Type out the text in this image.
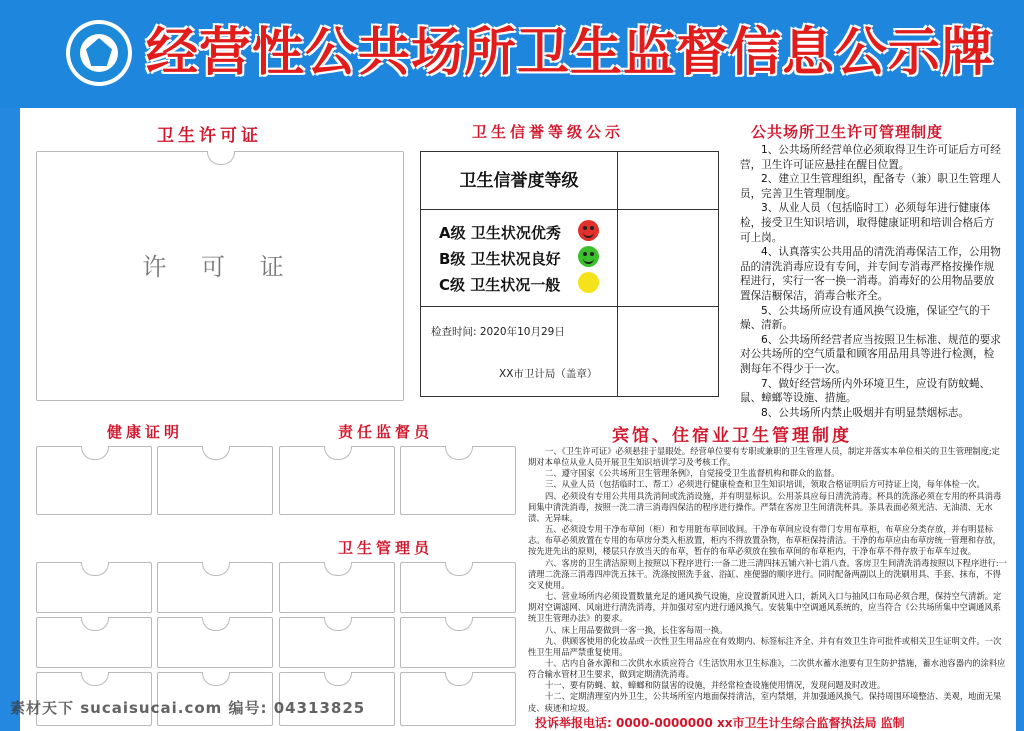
经营性公共场所卫生监督信息公示牌
卫生许可证	卫生信誉等级公示	公共场所卫生许可管理制度
健康证明	责任监督员
卫生管理员
宾馆、住宿业卫生管理制度
许 可 证
卫生信誉度等级
A级 卫生状况优秀
B级 卫生状况良好
C级 卫生状况一般
检查时间: 2020年10月29日
XX市卫计局（盖章）

1、公共场所经营单位必须取得卫生许可证后方可经营，卫生许可证应悬挂在醒目位置。

2、建立卫生管理组织，配备专（兼）职卫生管理人员，完善卫生管理制度。

3、从业人员（包括临时工）必须每年进行健康体检，接受卫生知识培训，取得健康证明和培训合格后方可上岗。

4、认真落实公共用品的清洗消毒保洁工作，公用物品的清洗消毒应设有专间，并专间专消毒严格按操作规程进行，实行一客一换一消毒。消毒好的公用物品要放置保洁橱保洁，消毒合帐齐全。

5、公共场所应设有通风换气设施，保证空气的干燥、清新。

6、公共场所经营者应当按照卫生标准、规范的要求对公共场所的空气质量和顾客用品用具等进行检测，检测每年不得少于一次。

7、做好经营场所内外环境卫生，应设有防蚊蝇、鼠、蟑螂等设施、措施。

8、公共场所内禁止吸烟并有明显禁烟标志。

一、《卫生许可证》必须悬挂于显眼处。经营单位要有专职或兼职的卫生管理人员，制定并落实本单位相关的卫生管理制度;定期对本单位从业人员开展卫生知识培训学习及考核工作。

二、遵守国家《公共场所卫生管理条例》，自觉接受卫生监督机构和群众的监督。

三、从业人员（包括临时工、帮工）必须进行健康检查和卫生知识培训，领取合格证明后方可持证上岗，每年体检一次。

四、必须设有专用公共用具洗消间或洗消设施，并有明显标识。公用茶具应每日清洗消毒。杯具的洗涤必须在专用的杯具消毒间集中清洗消毒，按照一洗二清三消毒四保洁的程序进行操作。严禁在客房卫生间清洗杯具。茶具表面必须光洁、无油渍、无水渍、无异味。

五、必须设专用干净布草间（柜）和专用脏布草回收间。干净布草间应设有带门专用布草柜，布草应分类存放，并有明显标志。布草必须放置在专用的布草房分类入柜放置，柜内不得放置杂物，布草柜保持清洁。干净的布草应由布草房统一管理和存放，按先进先出的原则，楼层只存放当天的布草，暂存的布草必须放在独布草间的布草柜内，干净布草不得存放于布草车过夜。

六、客房的卫生清洁原则上按照以下程序进行:一备二进三清四抹五铺六补七消八查。客房卫生间清洗消毒按照以下程序进行:一清理二洗涤三消毒四冲洗五抹干。洗涤按照洗手盆、浴缸、座便器的顺序进行。同时配备两副以上的洗刷用具、手套、抹布，不得交叉使用。

七、营业场所内必须设置数量充足的通风换气设施，应设置新风进入口，新风入口与抽风口布局必须合理，保持空气清新。定期对空调滤网、风扇进行清洗消毒，并加强对室内进行通风换气。安装集中空调通风系统的，应当符合《公共场所集中空调通风系统卫生管理办法》的要求。

八、床上用品要做到一客一换，长住客每周一换。

九、供顾客使用的化妆品或一次性卫生用品应在有效期内、标签标注齐全、并有有效卫生许可批件或相关卫生证明文件。一次性卫生用品严禁重复使用。

十、店内自备水源和二次供水水质应符合《生活饮用水卫生标准》，二次供水蓄水池要有卫生防护措施，蓄水池容器内的涂料应符合输水管材卫生要求，做到定期清洗消毒。

十一、要有防蝇、蚊、蟑螂和防鼠害的设施，并经常检查设施使用情况，发现问题及时改进。

十二、定期清理室内外卫生，公共场所室内地面保持清洁，室内禁烟，并加强通风换气。保持周围环境整洁、美观，地面无果皮、痰迹和垃圾。

投诉举报电话: 0000-0000000 xx市卫生计生综合监督执法局 监制
素材天下 sucaisucai.com 编号: 04313825
